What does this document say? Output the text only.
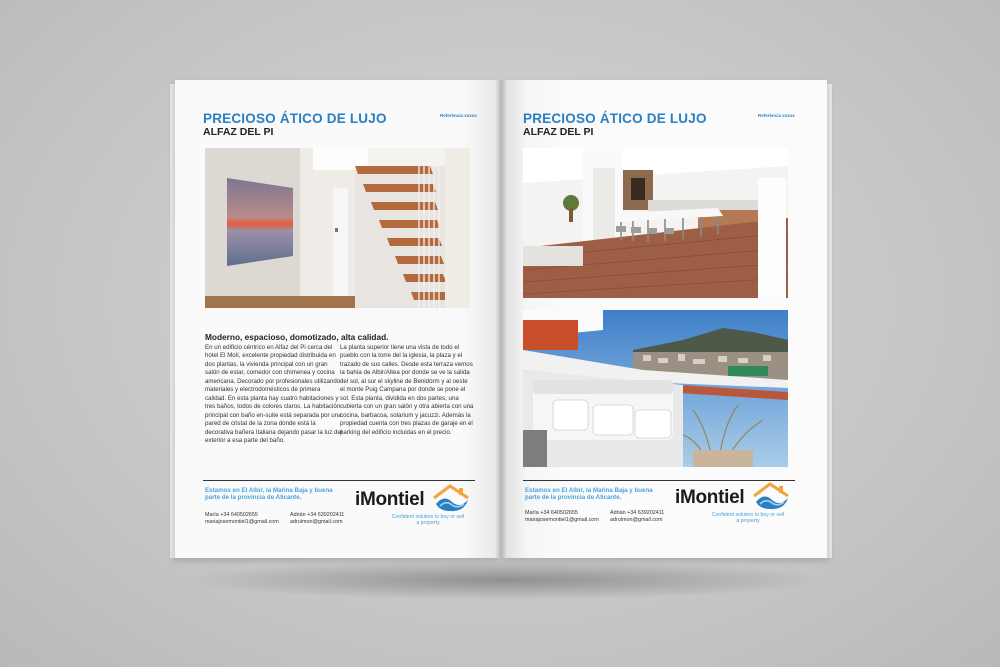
PRECIOSO ÁTICO DE LUJO
ALFAZ DEL PI
Referència xxxxx
Moderno, espacioso, domotizado, alta calidad.
En un edificio céntrico en Alfaz del Pi cerca del hotel El Molí, excelente propiedad distribuida en dos plantas, la vivienda principal con un gran salón de estar, comedor con chimenea y cocina americana. Decorado por profesionales utilizando materiales y electrodomésticos de primera calidad. En esta planta hay cuatro habitaciones y tres baños, todos de colores claros. La habitación principal con baño en-suite está separada por una pared de cristal de la zona donde está la decorativa bañera Italiana dejando pasar la luz del exterior a esa parte del baño.
La planta superior tiene una vista de todo el pueblo con la torre del la iglesia, la plaza y el trazado de sus calles. Desde esta terraza vemos la bahía de Albir/Altea por donde se ve la salida del sol, al sur el skyline de Benidorm y al oeste el monte Puig Campana por donde se pone el sol. Esta planta, dividida en dos partes, una cubierta con un gran salón y otra abierta con una cocina, barbacoa, solarium y jacuzzi. Además la propiedad cuenta con tres plazas de garaje en el parking del edificio incluidas en el precio.
Estamos en El Albir, la Marina Baja y buena parte de la provincia de Alicante.
María +34 640502655
mariajosemontiel1@gmail.com
Adrián +34 639202411
adruimon@gmail.com
iMontiel
Confident solution to buy or sell a property
PRECIOSO ÁTICO DE LUJO
ALFAZ DEL PI
Referència xxxxx
Estamos en El Albir, la Marina Baja y buena parte de la provincia de Alicante.
María +34 640502655
mariajosemontiel1@gmail.com
Adrián +34 639202411
adruimon@gmail.com
iMontiel
Confident solution to buy or sell a property
